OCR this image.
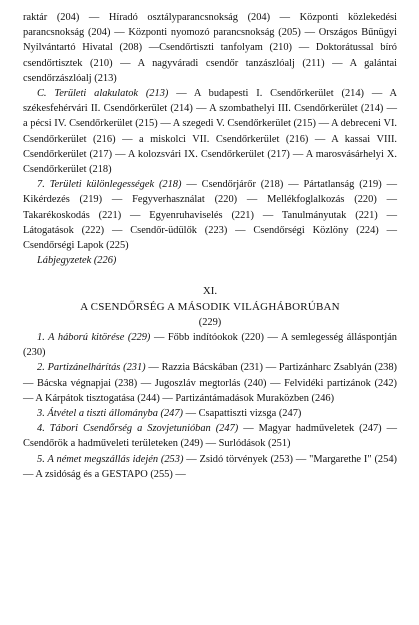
raktár (204) — Híradó osztályparancsnokság (204) — Központi közlekedési parancsnokság (204) — Központi nyomozó parancsnokság (205) — Országos Bűnügyi Nyilvántartó Hivatal (208) —Csendőrtiszti tanfolyam (210) — Doktorátussal bíró csendőrtisztek (210) — A nagyváradi csendőr tanzászlóalj (211) — A galántai csendőrzászlóalj (213)

C. Területi alakulatok (213) — A budapesti I. Csendőrkerület (214) — A székesfehérvári II. Csendőrkerület (214) — A szombathelyi III. Csendőrkerület (214) — a pécsi IV. Csendőrkerület (215) — A szegedi V. Csendőrkerület (215) — A debreceni VI. Csendőrkerület (216) — a miskolci VII. Csendőrkerület (216) — A kassai VIII. Csendőrkerület (217) — A kolozsvári IX. Csendőrkerület (217) — A marosvásárhelyi X. Csendőrkerület (218)

7. Területi különlegességek (218) — Csendőrjárőr (218) — Pártatlanság (219) — Kikérdezés (219) — Fegyverhasználat (220) — Mellékfoglalkozás (220) — Takarékoskodás (221) — Egyenruhaviselés (221) — Tanulmányutak (221) — Látogatások (222) — Csendőr-üdülők (223) — Csendőrségi Közlöny (224) — Csendőrségi Lapok (225)

Lábjegyzetek (226)

XI.

A CSENDŐRSÉG A MÁSODIK VILÁGHÁBORÚBAN

(229)

1. A háború kitörése (229) — Főbb indítóokok (220) — A semlegesség álláspontján (230)

2. Partizánelhárítás (231) — Razzia Bácskában (231) — Partizánharc Zsablyán (238) — Bácska végnapjai (238) — Jugoszláv megtorlás (240) — Felvidéki partizánok (242) — A Kárpátok tisztogatása (244) — Partizántámadások Muraközben (246)

3. Átvétel a tiszti állományba (247) — Csapattiszti vizsga (247)

4. Tábori Csendőrség a Szovjetunióban (247) — Magyar hadműveletek (247) — Csendőrök a hadműveleti területeken (249) — Surlódások (251)

5. A német megszállás idején (253) — Zsidó törvények (253) — "Margarethe I" (254) — A zsidóság és a GESTAPO (255) —
